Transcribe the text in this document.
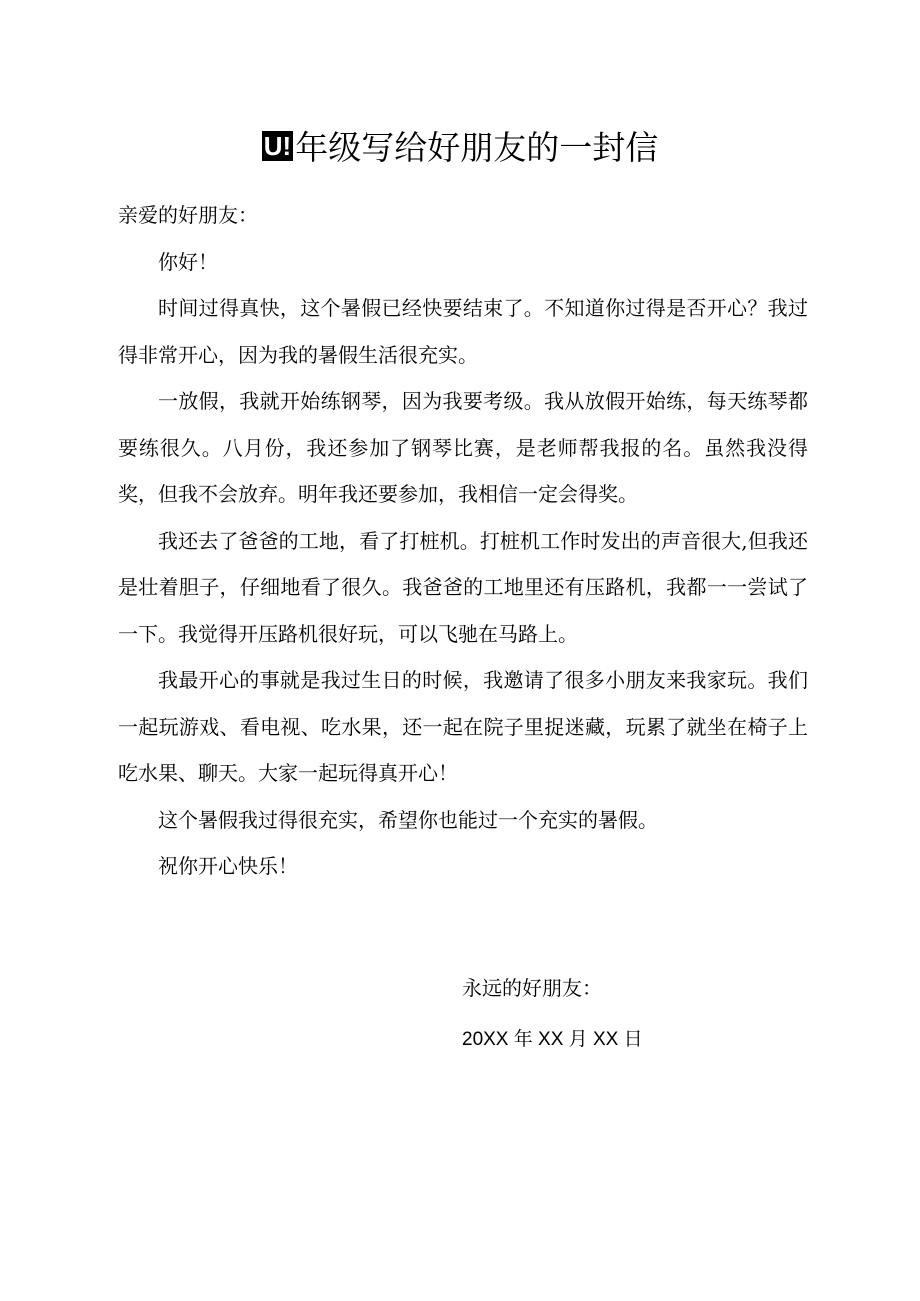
U! 年级写给好朋友的一封信

亲爱的好朋友：

你好！

时间过得真快，这个暑假已经快要结束了。不知道你过得是否开心？我过得非常开心，因为我的暑假生活很充实。

一放假，我就开始练钢琴，因为我要考级。我从放假开始练，每天练琴都要练很久。八月份，我还参加了钢琴比赛，是老师帮我报的名。虽然我没得奖，但我不会放弃。明年我还要参加，我相信一定会得奖。

我还去了爸爸的工地，看了打桩机。打桩机工作时发出的声音很大,但我还是壮着胆子，仔细地看了很久。我爸爸的工地里还有压路机，我都一一尝试了一下。我觉得开压路机很好玩，可以飞驰在马路上。

我最开心的事就是我过生日的时候，我邀请了很多小朋友来我家玩。我们一起玩游戏、看电视、吃水果，还一起在院子里捉迷藏，玩累了就坐在椅子上吃水果、聊天。大家一起玩得真开心！

这个暑假我过得很充实，希望你也能过一个充实的暑假。

祝你开心快乐！

永远的好朋友：
20XX 年 XX 月 XX 日
